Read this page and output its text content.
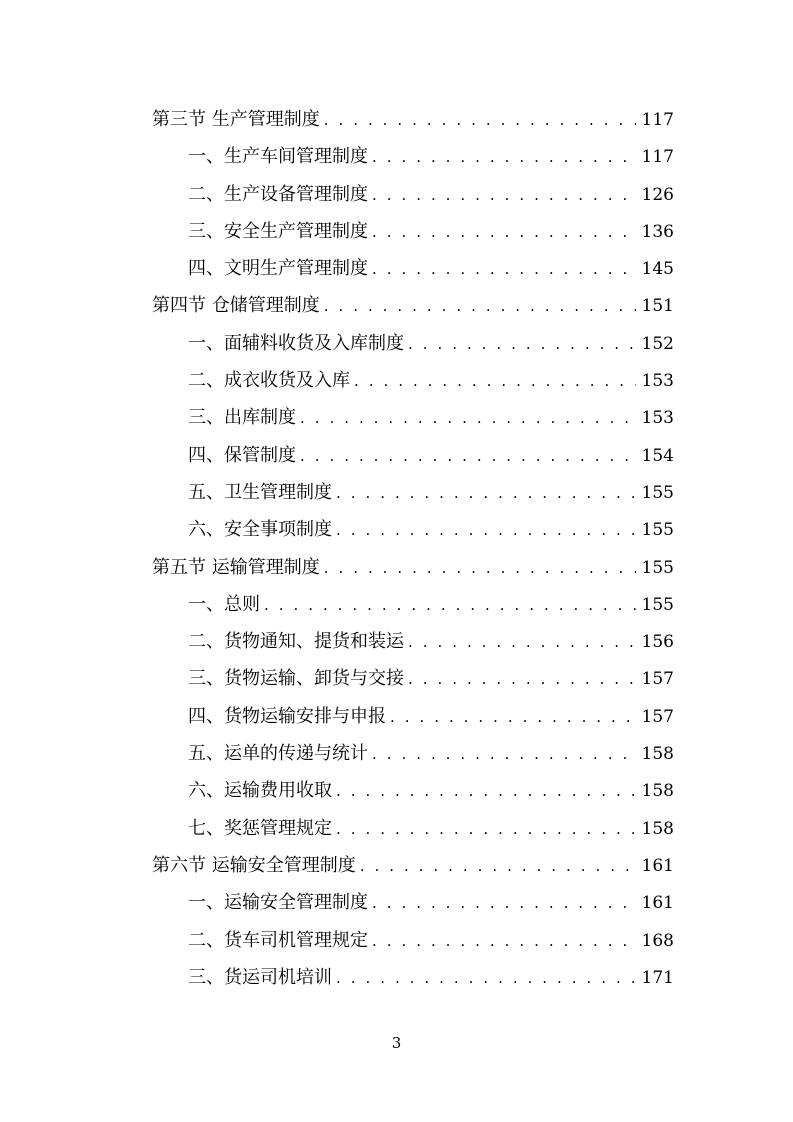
第三节 生产管理制度 . . .	117
一、生产车间管理制度 . . .	117
二、生产设备管理制度 . . .	126
三、安全生产管理制度 . . .	136
四、文明生产管理制度 . . .	145
第四节 仓储管理制度 . . .	151
一、面辅料收货及入库制度 . . .	152
二、成衣收货及入库 . . .	153
三、出库制度 . . .	153
四、保管制度 . . .	154
五、卫生管理制度 . . .	155
六、安全事项制度 . . .	155
第五节 运输管理制度 . . .	155
一、总则 . . .	155
二、货物通知、提货和装运 . . .	156
三、货物运输、卸货与交接 . . .	157
四、货物运输安排与申报 . . .	157
五、运单的传递与统计 . . .	158
六、运输费用收取 . . .	158
七、奖惩管理规定 . . .	158
第六节 运输安全管理制度 . . .	161
一、运输安全管理制度 . . .	161
二、货车司机管理规定 . . .	168
三、货运司机培训 . . .	171
3
